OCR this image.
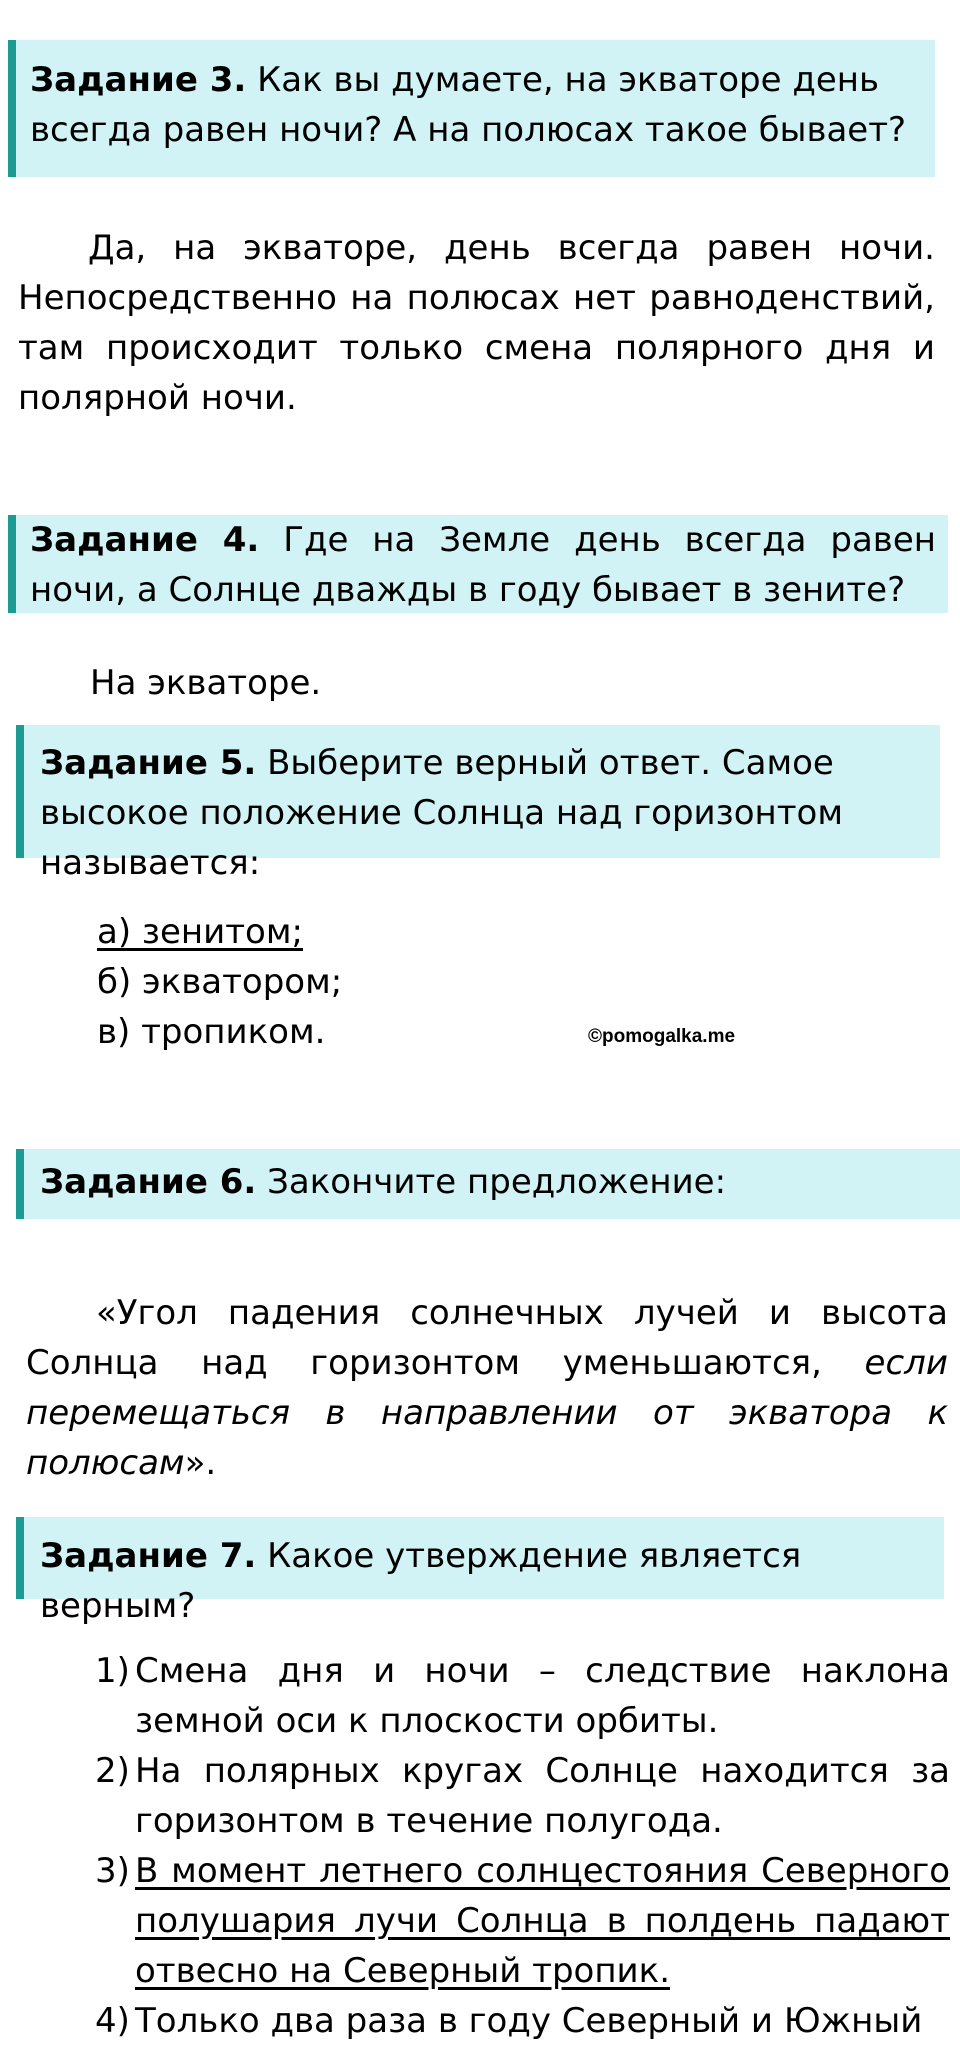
Задание 3. Как вы думаете, на экваторе день всегда равен ночи? А на полюсах такое бывает?
Да, на экваторе, день всегда равен ночи. Непосредственно на полюсах нет равноденствий, там происходит только смена полярного дня и полярной ночи.
Задание 4. Где на Земле день всегда равен ночи, а Солнце дважды в году бывает в зените?
На экваторе.
Задание 5. Выберите верный ответ. Самое высокое положение Солнца над горизонтом называется:
а) зенитом;
б) экватором;
в) тропиком.	©pomogalka.me
Задание 6. Закончите предложение:
«Угол падения солнечных лучей и высота Солнца над горизонтом уменьшаются, если перемещаться в направлении от экватора к полюсам».
Задание 7. Какое утверждение является верным?
1) Смена дня и ночи – следствие наклона земной оси к плоскости орбиты.
2) На полярных кругах Солнце находится за горизонтом в течение полугода.
3) В момент летнего солнцестояния Северного полушария лучи Солнца в полдень падают отвесно на Северный тропик.
4) Только два раза в году Северный и Южный
